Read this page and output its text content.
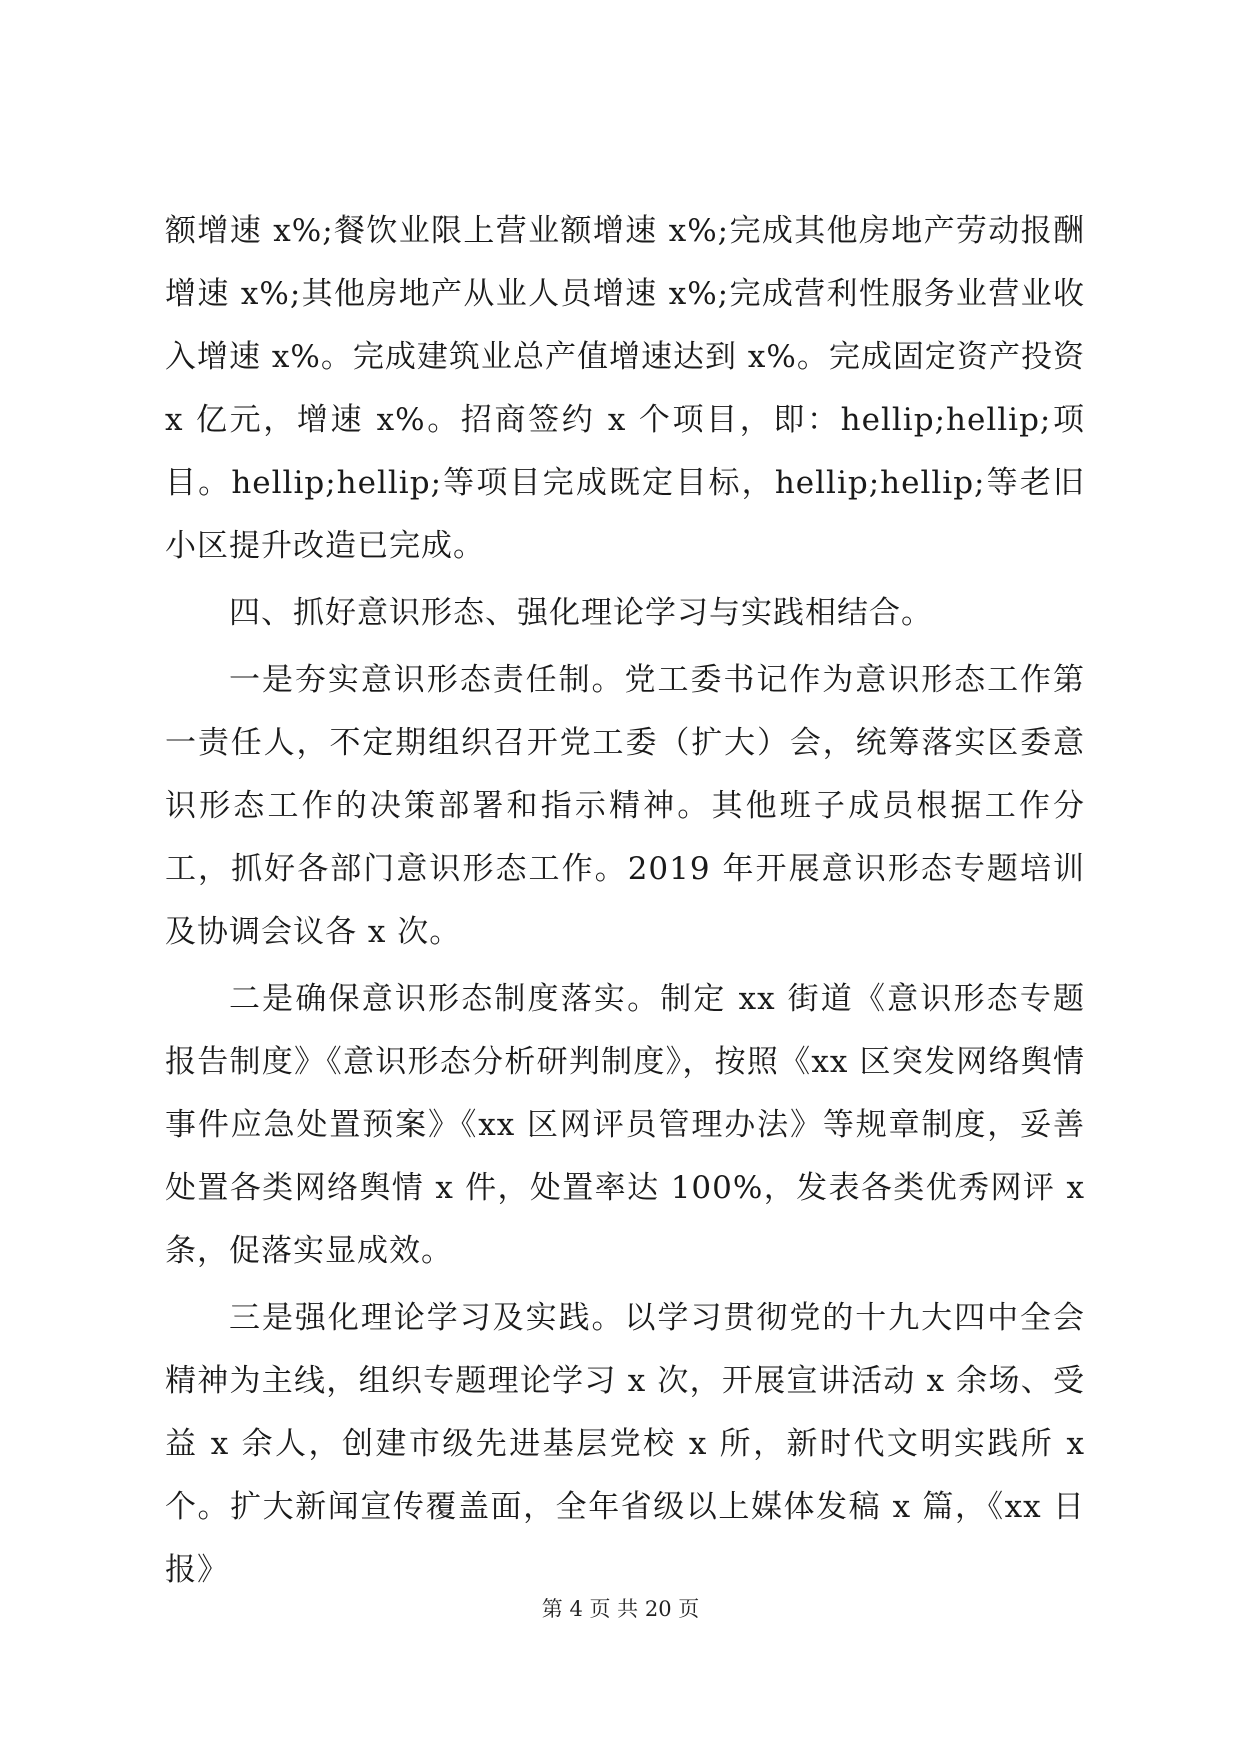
额增速 x%;餐饮业限上营业额增速 x%;完成其他房地产劳动报酬增速 x%;其他房地产从业人员增速 x%;完成营利性服务业营业收入增速 x%。完成建筑业总产值增速达到 x%。完成固定资产投资 x 亿元，增速 x%。招商签约 x 个项目，即：hellip;hellip;项目。hellip;hellip;等项目完成既定目标，hellip;hellip;等老旧小区提升改造已完成。

四、抓好意识形态、强化理论学习与实践相结合。

一是夯实意识形态责任制。党工委书记作为意识形态工作第一责任人，不定期组织召开党工委（扩大）会，统筹落实区委意识形态工作的决策部署和指示精神。其他班子成员根据工作分工，抓好各部门意识形态工作。2019 年开展意识形态专题培训及协调会议各 x 次。

二是确保意识形态制度落实。制定 xx 街道《意识形态专题报告制度》《意识形态分析研判制度》，按照《xx 区突发网络舆情事件应急处置预案》《xx 区网评员管理办法》等规章制度，妥善处置各类网络舆情 x 件，处置率达 100%，发表各类优秀网评 x 条，促落实显成效。

三是强化理论学习及实践。以学习贯彻党的十九大四中全会精神为主线，组织专题理论学习 x 次，开展宣讲活动 x 余场、受益 x 余人，创建市级先进基层党校 x 所，新时代文明实践所 x 个。扩大新闻宣传覆盖面，全年省级以上媒体发稿 x 篇，《xx 日报》

第 4 页 共 20 页
